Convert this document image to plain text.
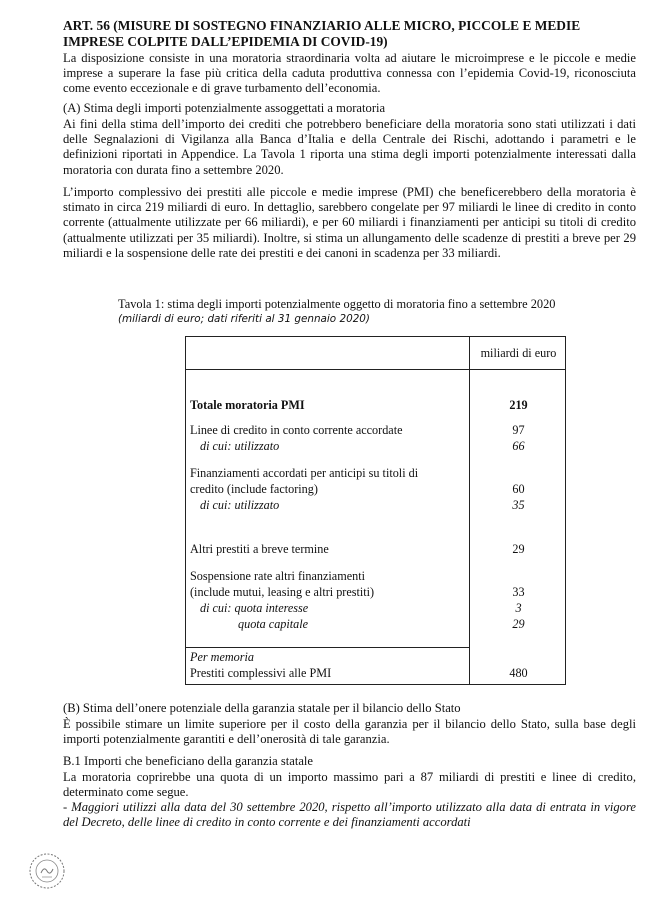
ART. 56 (MISURE DI SOSTEGNO FINANZIARIO ALLE MICRO, PICCOLE E MEDIE IMPRESE COLPITE DALL’EPIDEMIA DI COVID-19)
La disposizione consiste in una moratoria straordinaria volta ad aiutare le microimprese e le piccole e medie imprese a superare la fase più critica della caduta produttiva connessa con l’epidemia Covid-19, riconosciuta come evento eccezionale e di grave turbamento dell’economia.
(A) Stima degli importi potenzialmente assoggettati a moratoria
Ai fini della stima dell’importo dei crediti che potrebbero beneficiare della moratoria sono stati utilizzati i dati delle Segnalazioni di Vigilanza alla Banca d’Italia e della Centrale dei Rischi, adottando i parametri e le definizioni riportati in Appendice. La Tavola 1 riporta una stima degli importi potenzialmente interessati dalla moratoria con durata fino a settembre 2020.
L’importo complessivo dei prestiti alle piccole e medie imprese (PMI) che beneficerebbero della moratoria è stimato in circa 219 miliardi di euro. In dettaglio, sarebbero congelate per 97 miliardi le linee di credito in conto corrente (attualmente utilizzate per 66 miliardi), e per 60 miliardi i finanziamenti per anticipi su titoli di credito (attualmente utilizzati per 35 miliardi). Inoltre, si stima un allungamento delle scadenze di prestiti a breve per 29 miliardi e la sospensione delle rate dei prestiti e dei canoni in scadenza per 33 miliardi.
Tavola 1: stima degli importi potenzialmente oggetto di moratoria fino a settembre 2020
(miliardi di euro; dati riferiti al 31 gennaio 2020)
miliardi di euro
Totale moratoria PMI	219
Linee di credito in conto corrente accordate	97
di cui: utilizzato	66
Finanziamenti accordati per anticipi su titoli di
credito (include factoring)	60
di cui: utilizzato	35
Altri prestiti a breve termine	29
Sospensione rate altri finanziamenti
(include mutui, leasing e altri prestiti)	33
di cui: quota interesse	3
quota capitale	29
Per memoria
Prestiti complessivi alle PMI	480
(B) Stima dell’onere potenziale della garanzia statale per il bilancio dello Stato
È possibile stimare un limite superiore per il costo della garanzia per il bilancio dello Stato, sulla base degli importi potenzialmente garantiti e dell’onerosità di tale garanzia.
B.1 Importi che beneficiano della garanzia statale
La moratoria coprirebbe una quota di un importo massimo pari a 87 miliardi di prestiti e linee di credito, determinato come segue.
- Maggiori utilizzi alla data del 30 settembre 2020, rispetto all’importo utilizzato alla data di entrata in vigore del Decreto, delle linee di credito in conto corrente e dei finanziamenti accordati
